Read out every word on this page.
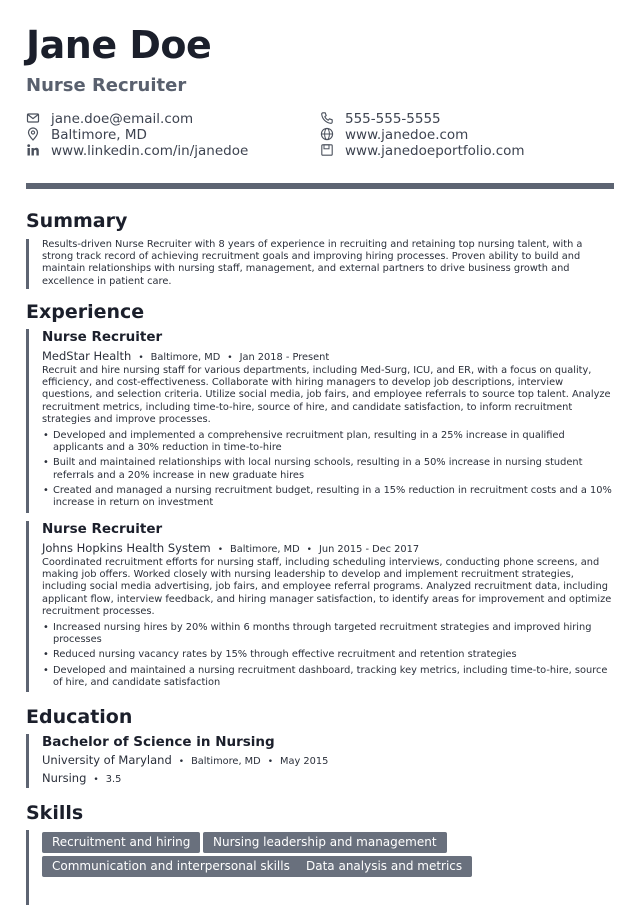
Jane Doe
Nurse Recruiter
jane.doe@email.com
Baltimore, MD
www.linkedin.com/in/janedoe
555-555-5555
www.janedoe.com
www.janedoeportfolio.com
Summary
Results-driven Nurse Recruiter with 8 years of experience in recruiting and retaining top nursing talent, with a strong track record of achieving recruitment goals and improving hiring processes. Proven ability to build and maintain relationships with nursing staff, management, and external partners to drive business growth and excellence in patient care.
Experience
Nurse Recruiter
MedStar Health • Baltimore, MD • Jan 2018 - Present
Recruit and hire nursing staff for various departments, including Med-Surg, ICU, and ER, with a focus on quality, efficiency, and cost-effectiveness. Collaborate with hiring managers to develop job descriptions, interview questions, and selection criteria. Utilize social media, job fairs, and employee referrals to source top talent. Analyze recruitment metrics, including time-to-hire, source of hire, and candidate satisfaction, to inform recruitment strategies and improve processes.
• Developed and implemented a comprehensive recruitment plan, resulting in a 25% increase in qualified applicants and a 30% reduction in time-to-hire
• Built and maintained relationships with local nursing schools, resulting in a 50% increase in nursing student referrals and a 20% increase in new graduate hires
• Created and managed a nursing recruitment budget, resulting in a 15% reduction in recruitment costs and a 10% increase in return on investment
Nurse Recruiter
Johns Hopkins Health System • Baltimore, MD • Jun 2015 - Dec 2017
Coordinated recruitment efforts for nursing staff, including scheduling interviews, conducting phone screens, and making job offers. Worked closely with nursing leadership to develop and implement recruitment strategies, including social media advertising, job fairs, and employee referral programs. Analyzed recruitment data, including applicant flow, interview feedback, and hiring manager satisfaction, to identify areas for improvement and optimize recruitment processes.
• Increased nursing hires by 20% within 6 months through targeted recruitment strategies and improved hiring processes
• Reduced nursing vacancy rates by 15% through effective recruitment and retention strategies
• Developed and maintained a nursing recruitment dashboard, tracking key metrics, including time-to-hire, source of hire, and candidate satisfaction
Education
Bachelor of Science in Nursing
University of Maryland • Baltimore, MD • May 2015
Nursing • 3.5
Skills
Recruitment and hiring	Nursing leadership and management
Communication and interpersonal skills	Data analysis and metrics
